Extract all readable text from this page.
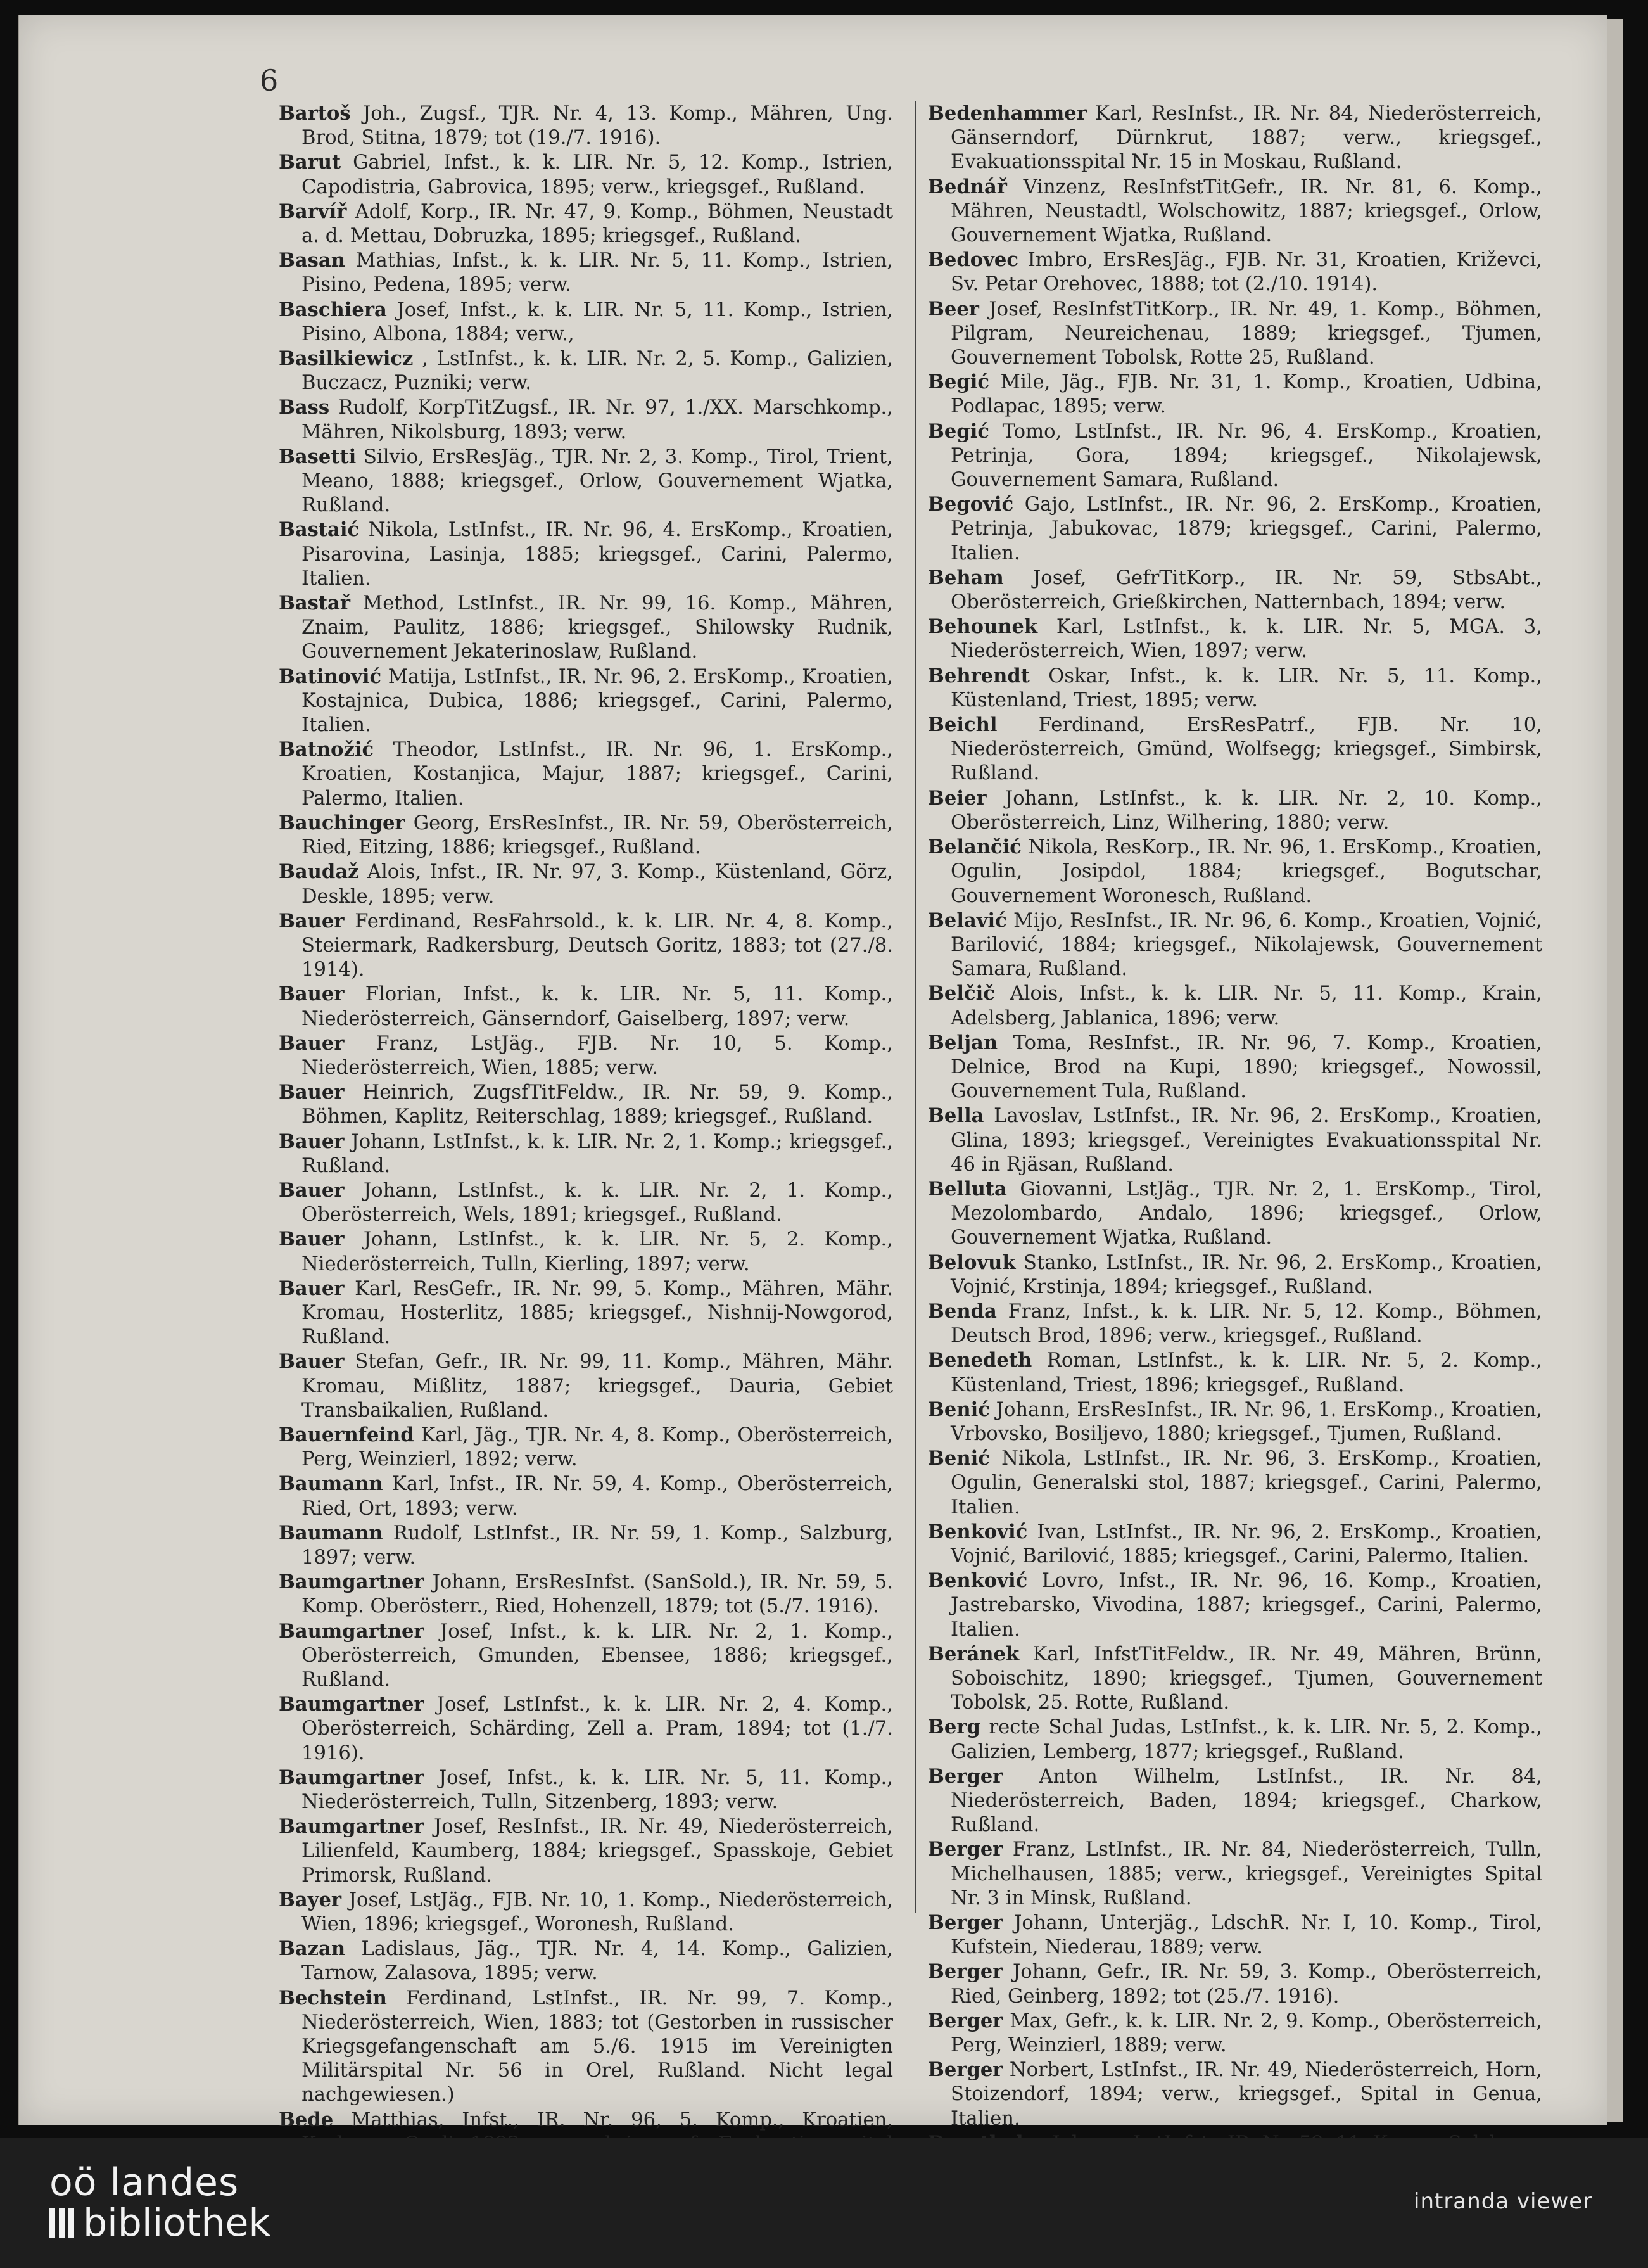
6

Bartoš Joh., Zugsf., TJR. Nr. 4, 13. Komp., Mähren, Ung. Brod, Stitna, 1879; tot (19./7. 1916).

Barut Gabriel, Infst., k. k. LIR. Nr. 5, 12. Komp., Istrien, Capodistria, Gabrovica, 1895; verw., kriegsgef., Rußland.

Barvíř Adolf, Korp., IR. Nr. 47, 9. Komp., Böhmen, Neustadt a. d. Mettau, Dobruzka, 1895; kriegsgef., Rußland.

Basan Mathias, Infst., k. k. LIR. Nr. 5, 11. Komp., Istrien, Pisino, Pedena, 1895; verw.

Baschiera Josef, Infst., k. k. LIR. Nr. 5, 11. Komp., Istrien, Pisino, Albona, 1884; verw.,

Basilkiewicz , LstInfst., k. k. LIR. Nr. 2, 5. Komp., Galizien, Buczacz, Puzniki; verw.

Bass Rudolf, KorpTitZugsf., IR. Nr. 97, 1./XX. Marschkomp., Mähren, Nikolsburg, 1893; verw.

Basetti Silvio, ErsResJäg., TJR. Nr. 2, 3. Komp., Tirol, Trient, Meano, 1888; kriegsgef., Orlow, Gouvernement Wjatka, Rußland.

Bastaić Nikola, LstInfst., IR. Nr. 96, 4. ErsKomp., Kroatien, Pisarovina, Lasinja, 1885; kriegsgef., Carini, Palermo, Italien.

Bastař Method, LstInfst., IR. Nr. 99, 16. Komp., Mähren, Znaim, Paulitz, 1886; kriegsgef., Shilowsky Rudnik, Gouvernement Jekaterinoslaw, Rußland.

Batinović Matija, LstInfst., IR. Nr. 96, 2. ErsKomp., Kroatien, Kostajnica, Dubica, 1886; kriegsgef., Carini, Palermo, Italien.

Batnožić Theodor, LstInfst., IR. Nr. 96, 1. ErsKomp., Kroatien, Kostanjica, Majur, 1887; kriegsgef., Carini, Palermo, Italien.

Bauchinger Georg, ErsResInfst., IR. Nr. 59, Oberösterreich, Ried, Eitzing, 1886; kriegsgef., Rußland.

Baudaž Alois, Infst., IR. Nr. 97, 3. Komp., Küstenland, Görz, Deskle, 1895; verw.

Bauer Ferdinand, ResFahrsold., k. k. LIR. Nr. 4, 8. Komp., Steiermark, Radkersburg, Deutsch Goritz, 1883; tot (27./8. 1914).

Bauer Florian, Infst., k. k. LIR. Nr. 5, 11. Komp., Niederösterreich, Gänserndorf, Gaiselberg, 1897; verw.

Bauer Franz, LstJäg., FJB. Nr. 10, 5. Komp., Niederösterreich, Wien, 1885; verw.

Bauer Heinrich, ZugsfTitFeldw., IR. Nr. 59, 9. Komp., Böhmen, Kaplitz, Reiterschlag, 1889; kriegsgef., Rußland.

Bauer Johann, LstInfst., k. k. LIR. Nr. 2, 1. Komp.; kriegsgef., Rußland.

Bauer Johann, LstInfst., k. k. LIR. Nr. 2, 1. Komp., Oberösterreich, Wels, 1891; kriegsgef., Rußland.

Bauer Johann, LstInfst., k. k. LIR. Nr. 5, 2. Komp., Niederösterreich, Tulln, Kierling, 1897; verw.

Bauer Karl, ResGefr., IR. Nr. 99, 5. Komp., Mähren, Mähr. Kromau, Hosterlitz, 1885; kriegsgef., Nishnij-Nowgorod, Rußland.

Bauer Stefan, Gefr., IR. Nr. 99, 11. Komp., Mähren, Mähr. Kromau, Mißlitz, 1887; kriegsgef., Dauria, Gebiet Transbaikalien, Rußland.

Bauernfeind Karl, Jäg., TJR. Nr. 4, 8. Komp., Oberösterreich, Perg, Weinzierl, 1892; verw.

Baumann Karl, Infst., IR. Nr. 59, 4. Komp., Oberösterreich, Ried, Ort, 1893; verw.

Baumann Rudolf, LstInfst., IR. Nr. 59, 1. Komp., Salzburg, 1897; verw.

Baumgartner Johann, ErsResInfst. (SanSold.), IR. Nr. 59, 5. Komp. Oberösterr., Ried, Hohenzell, 1879; tot (5./7. 1916).

Baumgartner Josef, Infst., k. k. LIR. Nr. 2, 1. Komp., Oberösterreich, Gmunden, Ebensee, 1886; kriegsgef., Rußland.

Baumgartner Josef, LstInfst., k. k. LIR. Nr. 2, 4. Komp., Oberösterreich, Schärding, Zell a. Pram, 1894; tot (1./7. 1916).

Baumgartner Josef, Infst., k. k. LIR. Nr. 5, 11. Komp., Niederösterreich, Tulln, Sitzenberg, 1893; verw.

Baumgartner Josef, ResInfst., IR. Nr. 49, Niederösterreich, Lilienfeld, Kaumberg, 1884; kriegsgef., Spasskoje, Gebiet Primorsk, Rußland.

Bayer Josef, LstJäg., FJB. Nr. 10, 1. Komp., Niederösterreich, Wien, 1896; kriegsgef., Woronesh, Rußland.

Bazan Ladislaus, Jäg., TJR. Nr. 4, 14. Komp., Galizien, Tarnow, Zalasova, 1895; verw.

Bechstein Ferdinand, LstInfst., IR. Nr. 99, 7. Komp., Niederösterreich, Wien, 1883; tot (Gestorben in russischer Kriegsgefangenschaft am 5./6. 1915 im Vereinigten Militärspital Nr. 56 in Orel, Rußland. Nicht legal nachgewiesen.)

Bede Matthias, Infst., IR. Nr. 96, 5. Komp., Kroatien,

Bedenhammer Karl, ResInfst., IR. Nr. 84, Niederösterreich, Gänserndorf, Dürnkrut, 1887; verw., kriegsgef., Evakuationsspital Nr. 15 in Moskau, Rußland.

Bednář Vinzenz, ResInfstTitGefr., IR. Nr. 81, 6. Komp., Mähren, Neustadtl, Wolschowitz, 1887; kriegsgef., Orlow, Gouvernement Wjatka, Rußland.

Bedovec Imbro, ErsResJäg., FJB. Nr. 31, Kroatien, Križevci, Sv. Petar Orehovec, 1888; tot (2./10. 1914).

Beer Josef, ResInfstTitKorp., IR. Nr. 49, 1. Komp., Böhmen, Pilgram, Neureichenau, 1889; kriegsgef., Tjumen, Gouvernement Tobolsk, Rotte 25, Rußland.

Begić Mile, Jäg., FJB. Nr. 31, 1. Komp., Kroatien, Udbina, Podlapac, 1895; verw.

Begić Tomo, LstInfst., IR. Nr. 96, 4. ErsKomp., Kroatien, Petrinja, Gora, 1894; kriegsgef., Nikolajewsk, Gouvernement Samara, Rußland.

Begović Gajo, LstInfst., IR. Nr. 96, 2. ErsKomp., Kroatien, Petrinja, Jabukovac, 1879; kriegsgef., Carini, Palermo, Italien.

Beham Josef, GefrTitKorp., IR. Nr. 59, StbsAbt., Oberösterreich, Grießkirchen, Natternbach, 1894; verw.

Behounek Karl, LstInfst., k. k. LIR. Nr. 5, MGA. 3, Niederösterreich, Wien, 1897; verw.

Behrendt Oskar, Infst., k. k. LIR. Nr. 5, 11. Komp., Küstenland, Triest, 1895; verw.

Beichl Ferdinand, ErsResPatrf., FJB. Nr. 10, Niederösterreich, Gmünd, Wolfsegg; kriegsgef., Simbirsk, Rußland.

Beier Johann, LstInfst., k. k. LIR. Nr. 2, 10. Komp., Oberösterreich, Linz, Wilhering, 1880; verw.

Belančić Nikola, ResKorp., IR. Nr. 96, 1. ErsKomp., Kroatien, Ogulin, Josipdol, 1884; kriegsgef., Bogutschar, Gouvernement Woronesch, Rußland.

Belavić Mijo, ResInfst., IR. Nr. 96, 6. Komp., Kroatien, Vojnić, Barilović, 1884; kriegsgef., Nikolajewsk, Gouvernement Samara, Rußland.

Belčič Alois, Infst., k. k. LIR. Nr. 5, 11. Komp., Krain, Adelsberg, Jablanica, 1896; verw.

Beljan Toma, ResInfst., IR. Nr. 96, 7. Komp., Kroatien, Delnice, Brod na Kupi, 1890; kriegsgef., Nowossil, Gouvernement Tula, Rußland.

Bella Lavoslav, LstInfst., IR. Nr. 96, 2. ErsKomp., Kroatien, Glina, 1893; kriegsgef., Vereinigtes Evakuationsspital Nr. 46 in Rjäsan, Rußland.

Belluta Giovanni, LstJäg., TJR. Nr. 2, 1. ErsKomp., Tirol, Mezolombardo, Andalo, 1896; kriegsgef., Orlow, Gouvernement Wjatka, Rußland.

Belovuk Stanko, LstInfst., IR. Nr. 96, 2. ErsKomp., Kroatien, Vojnić, Krstinja, 1894; kriegsgef., Rußland.

Benda Franz, Infst., k. k. LIR. Nr. 5, 12. Komp., Böhmen, Deutsch Brod, 1896; verw., kriegsgef., Rußland.

Benedeth Roman, LstInfst., k. k. LIR. Nr. 5, 2. Komp., Küstenland, Triest, 1896; kriegsgef., Rußland.

Benić Johann, ErsResInfst., IR. Nr. 96, 1. ErsKomp., Kroatien, Vrbovsko, Bosiljevo, 1880; kriegsgef., Tjumen, Rußland.

Benić Nikola, LstInfst., IR. Nr. 96, 3. ErsKomp., Kroatien, Ogulin, Generalski stol, 1887; kriegsgef., Carini, Palermo, Italien.

Benković Ivan, LstInfst., IR. Nr. 96, 2. ErsKomp., Kroatien, Vojnić, Barilović, 1885; kriegsgef., Carini, Palermo, Italien.

Benković Lovro, Infst., IR. Nr. 96, 16. Komp., Kroatien, Jastrebarsko, Vivodina, 1887; kriegsgef., Carini, Palermo, Italien.

Beránek Karl, InfstTitFeldw., IR. Nr. 49, Mähren, Brünn, Soboischitz, 1890; kriegsgef., Tjumen, Gouvernement Tobolsk, 25. Rotte, Rußland.

Berg recte Schal Judas, LstInfst., k. k. LIR. Nr. 5, 2. Komp., Galizien, Lemberg, 1877; kriegsgef., Rußland.

Berger Anton Wilhelm, LstInfst., IR. Nr. 84, Niederösterreich, Baden, 1894; kriegsgef., Charkow, Rußland.

Berger Franz, LstInfst., IR. Nr. 84, Niederösterreich, Tulln, Michelhausen, 1885; verw., kriegsgef., Vereinigtes Spital Nr. 3 in Minsk, Rußland.

Berger Johann, Unterjäg., LdschR. Nr. I, 10. Komp., Tirol, Kufstein, Niederau, 1889; verw.

Berger Johann, Gefr., IR. Nr. 59, 3. Komp., Oberösterreich, Ried, Geinberg, 1892; tot (25./7. 1916).

Berger Max, Gefr., k. k. LIR. Nr. 2, 9. Komp., Oberösterreich, Perg, Weinzierl, 1889; verw.

Berger Norbert, LstInfst., IR. Nr. 49, Niederösterreich, Horn, Stoizendorf, 1894; verw., kriegsgef., Spital in Genua, Italien.

oö landes
bibliothek	intranda viewer
